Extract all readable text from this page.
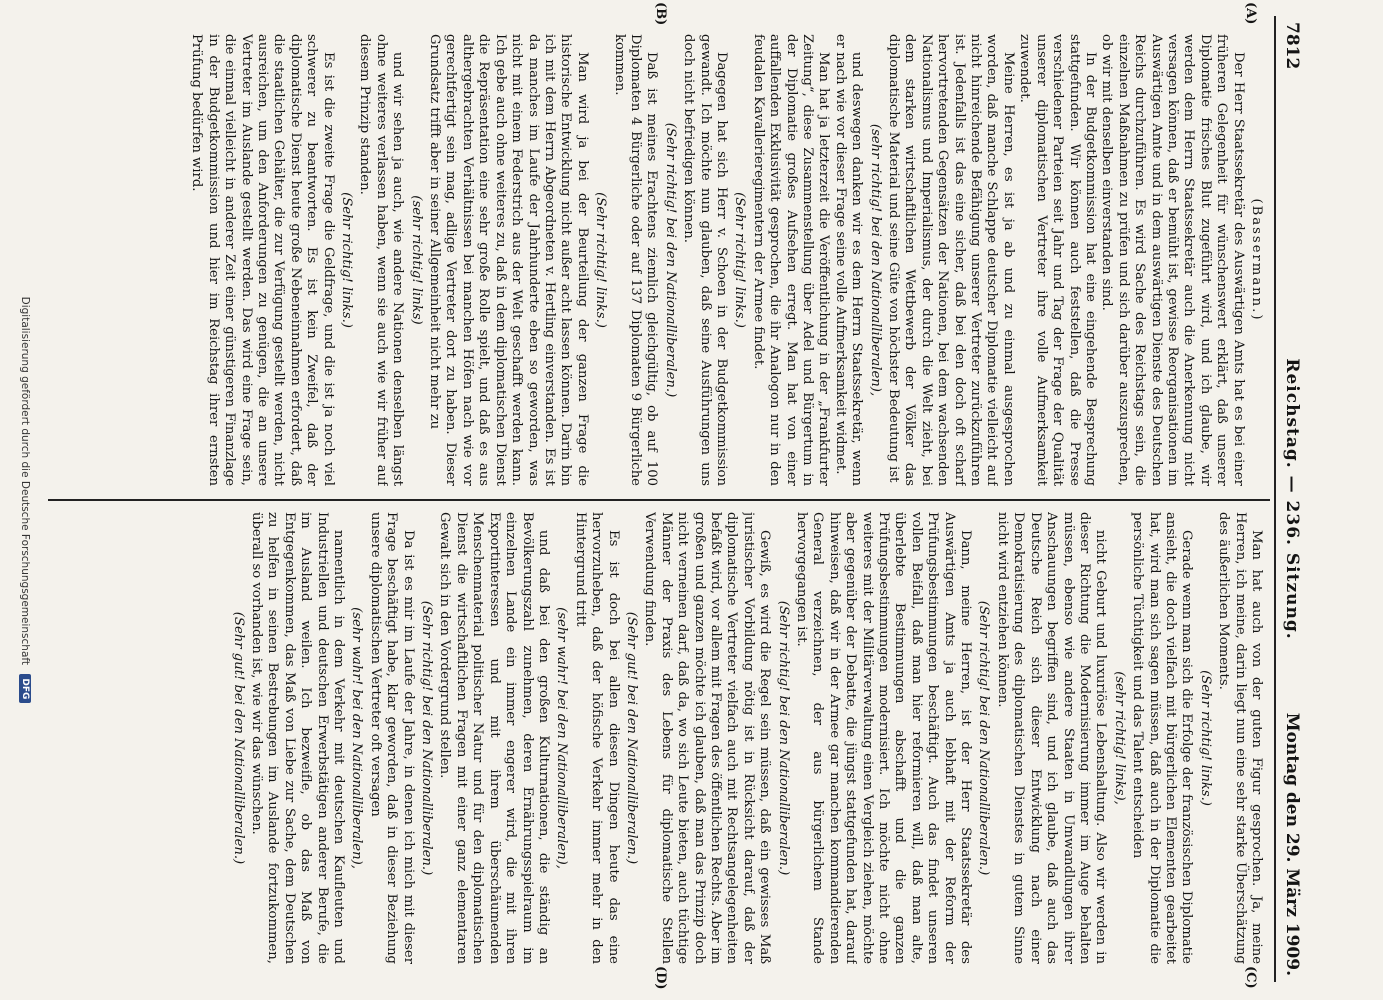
7812
Reichstag. — 236. Sitzung.
Montag den 29. März 1909.
(A)
(B)
(C)
(D)

(Bassermann.)

Der Herr Staatssekretär des Auswärtigen Amts hat es bei einer früheren Gelegenheit für wünschenswert erklärt, daß unserer Diplomatie frisches Blut zugeführt wird, und ich glaube, wir werden dem Herrn Staatssekretär auch die Anerkennung nicht versagen können, daß er bemüht ist, gewisse Reorganisationen im Auswärtigen Amte und in dem auswärtigen Dienste des Deutschen Reichs durchzuführen. Es wird Sache des Reichstags sein, die einzelnen Maßnahmen zu prüfen und sich darüber auszusprechen, ob wir mit denselben einverstanden sind.

In der Budgetkommission hat eine eingehende Besprechung stattgefunden. Wir können auch feststellen, daß die Presse verschiedener Parteien seit Jahr und Tag der Frage der Qualität unserer diplomatischen Vertreter ihre volle Aufmerksamkeit zuwendet.

Meine Herren, es ist ja ab und zu einmal ausgesprochen worden, daß manche Schlappe deutscher Diplomatie vielleicht auf nicht hinreichende Befähigung unserer Vertreter zurückzuführen ist. Jedenfalls ist das eine sicher, daß bei den doch oft scharf hervortretenden Gegensätzen der Nationen, bei dem wachsenden Nationalismus und Imperialismus, der durch die Welt zieht, bei dem starken wirtschaftlichen Wettbewerb der Völker das diplomatische Material und seine Güte von höchster Bedeutung ist

(sehr richtig! bei den Nationalliberalen),

und deswegen danken wir es dem Herrn Staatssekretär, wenn er nach wie vor dieser Frage seine volle Aufmerksamkeit widmet.

Man hat ja letzterzeit die Veröffentlichung in der „Frankfurter Zeitung“, diese Zusammenstellung über Adel und Bürgertum in der Diplomatie großes Aufsehen erregt. Man hat von einer auffallenden Exklusivität gesprochen, die ihr Analogon nur in den feudalen Kavallerieregimentern der Armee findet.

(Sehr richtig! links.)

Dagegen hat sich Herr v. Schoen in der Budgetkommission gewandt. Ich möchte nun glauben, daß seine Ausführungen uns doch nicht befriedigen können.

(Sehr richtig! bei den Nationalliberalen.)

Daß ist meines Erachtens ziemlich gleichgültig, ob auf 100 Diplomaten 4 Bürgerliche oder auf 137 Diplomaten 9 Bürgerliche kommen.

(Sehr richtig! links.)

Man wird ja bei der Beurteilung der ganzen Frage die historische Entwicklung nicht außer acht lassen können. Darin bin ich mit dem Herrn Abgeordneten v. Hertling einverstanden. Es ist da manches im Laufe der Jahrhunderte eben so geworden, was nicht mit einem Federstrich aus der Welt geschafft werden kann. Ich gebe auch ohne weiteres zu, daß in dem diplomatischen Dienst die Repräsentation eine sehr große Rolle spielt, und daß es aus althergebrachten Verhältnissen bei manchen Höfen nach wie vor gerechtfertigt sein mag, adlige Vertreter dort zu haben. Dieser Grundsatz trifft aber in seiner Allgemeinheit nicht mehr zu

(sehr richtig! links)

und wir sehen ja auch, wie andere Nationen denselben längst ohne weiteres verlassen haben, wenn sie auch wie wir früher auf diesem Prinzip standen.

(Sehr richtig! links.)

Es ist die zweite Frage die Geldfrage, und die ist ja noch viel schwerer zu beantworten. Es ist kein Zweifel, daß der diplomatische Dienst heute große Nebeneinnahmen erfordert, daß die staatlichen Gehälter, die zur Verfügung gestellt werden, nicht ausreichen, um den Anforderungen zu genügen, die an unsere Vertreter im Auslande gestellt werden. Das wird eine Frage sein, die einmal vielleicht in anderer Zeit einer günstigeren Finanzlage in der Budgetkommission und hier im Reichstag ihrer ernsten Prüfung bedürfen wird.

Man hat auch von der guten Figur gesprochen. Ja, meine Herren, ich meine, darin liegt nun eine sehr starke Überschätzung des äußerlichen Moments.

(Sehr richtig! links.)

Gerade wenn man sich die Erfolge der französischen Diplomatie ansieht, die doch vielfach mit bürgerlichen Elementen gearbeitet hat, wird man sich sagen müssen, daß auch in der Diplomatie die persönliche Tüchtigkeit und das Talent entscheiden

(sehr richtig! links),

nicht Geburt und luxuriöse Lebenshaltung. Also wir werden in dieser Richtung die Modernisierung immer im Auge behalten müssen, ebenso wie andere Staaten in Umwandlungen ihrer Anschauungen begriffen sind, und ich glaube, daß auch das Deutsche Reich sich dieser Entwicklung nach einer Demokratisierung des diplomatischen Dienstes in gutem Sinne nicht wird entziehen können.

(Sehr richtig! bei den Nationalliberalen.)

Dann, meine Herren, ist der Herr Staatssekretär des Auswärtigen Amts ja auch lebhaft mit der Reform der Prüfungsbestimmungen beschäftigt. Auch das findet unseren vollen Beifall, daß man hier reformieren will, daß man alte, überlebte Bestimmungen abschafft und die ganzen Prüfungsbestimmungen modernisiert. Ich möchte nicht ohne weiteres mit der Militärverwaltung einen Vergleich ziehen, möchte aber gegenüber der Debatte, die jüngst stattgefunden hat, darauf hinweisen, daß wir in der Armee gar manchen kommandierenden General verzeichnen, der aus bürgerlichem Stande hervorgegangen ist.

(Sehr richtig! bei den Nationalliberalen.)

Gewiß, es wird die Regel sein müssen, daß ein gewisses Maß juristischer Vorbildung nötig ist in Rücksicht darauf, daß der diplomatische Vertreter vielfach auch mit Rechtsangelegenheiten befaßt wird, vor allem mit Fragen des öffentlichen Rechts. Aber im großen und ganzen möchte ich glauben, daß man das Prinzip doch nicht verneinen darf, daß da, wo sich Leute bieten, auch tüchtige Männer der Praxis des Lebens für diplomatische Stellen Verwendung finden.

(Sehr gut! bei den Nationalliberalen.)

Es ist doch bei allen diesen Dingen heute das eine hervorzuheben, daß der höfische Verkehr immer mehr in den Hintergrund tritt

(sehr wahr! bei den Nationalliberalen),

und daß bei den großen Kulturnationen, die ständig an Bevölkerungszahl zunehmen, deren Ernährungsspielraum im einzelnen Lande ein immer engerer wird, die mit ihren Exportinteressen und mit ihrem überschäumenden Menschenmaterial politischer Natur und für den diplomatischen Dienst die wirtschaftlichen Fragen mit einer ganz elementaren Gewalt sich in den Vordergrund stellen.

(Sehr richtig! bei den Nationalliberalen.)

Da ist es mir im Laufe der Jahre, in denen ich mich mit dieser Frage beschäftigt habe, klar geworden, daß in dieser Beziehung unsere diplomatischen Vertreter oft versagen

(sehr wahr! bei den Nationalliberalen),

namentlich in dem Verkehr mit deutschen Kaufleuten und Industriellen und deutschen Erwerbstätigen anderer Berufe, die im Ausland weilen. Ich bezweifle, ob das Maß von Entgegenkommen, das Maß von Liebe zur Sache, dem Deutschen zu helfen in seinen Bestrebungen im Auslande fortzukommen, überall so vorhanden ist, wie wir das wünschen.

(Sehr gut! bei den Nationalliberalen.)

Digitalisierung gefördert durch die Deutsche Forschungsgemeinschaft DFG
